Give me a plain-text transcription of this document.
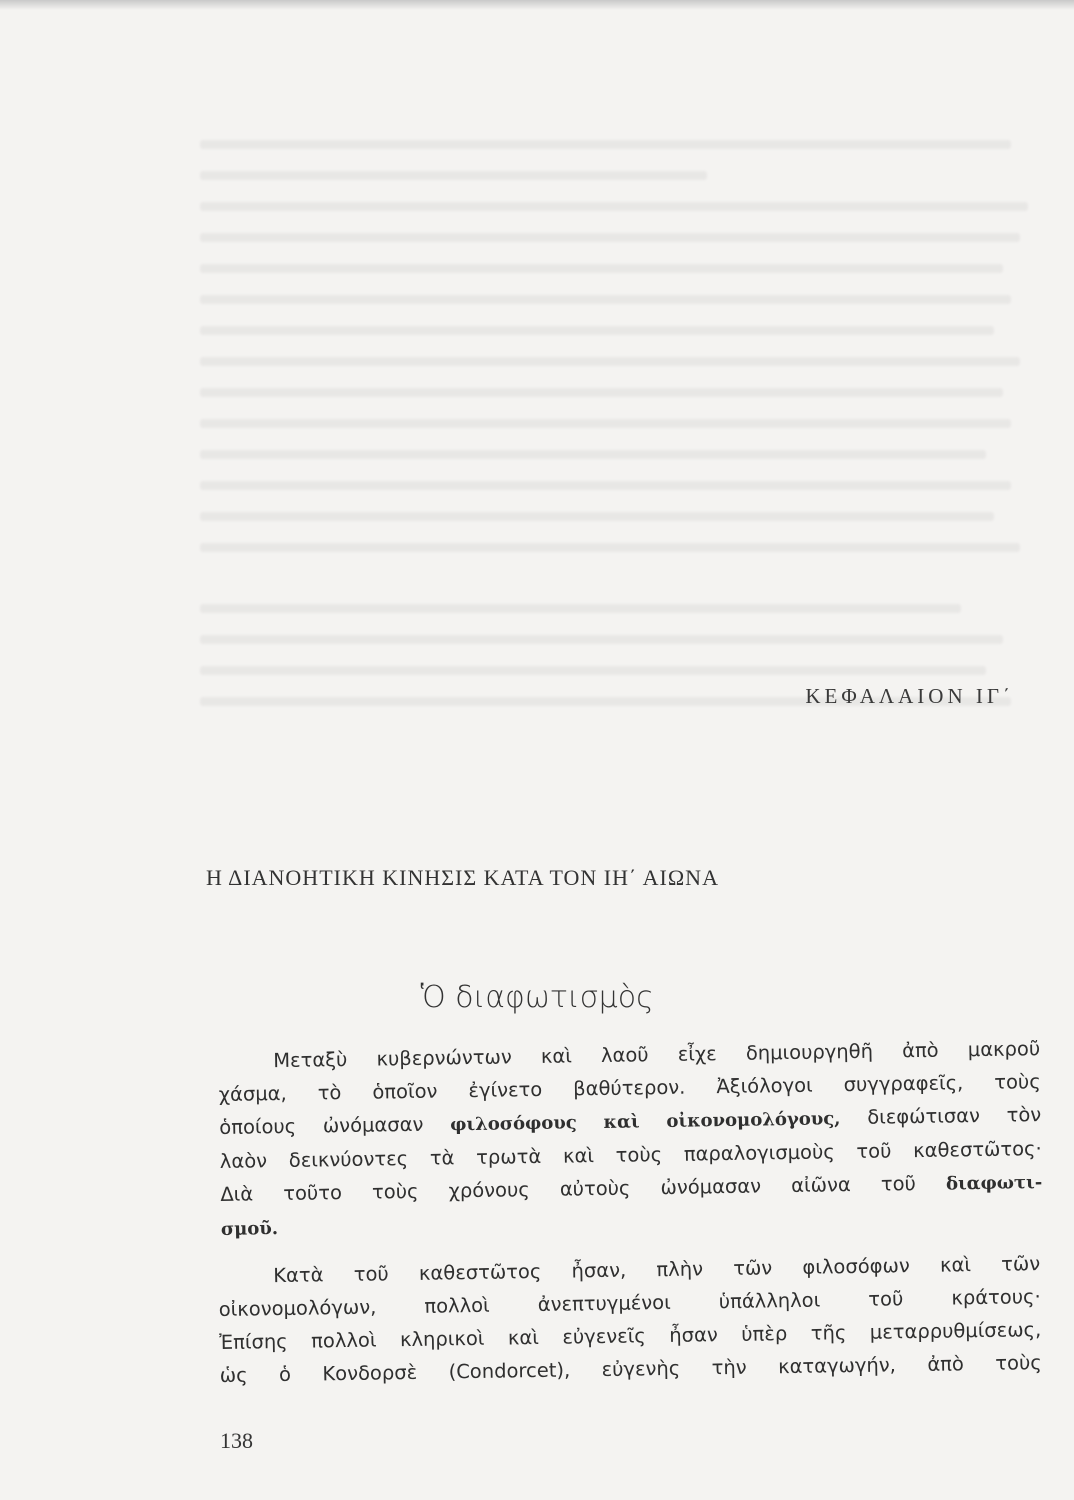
ΚΕΦΑΛΑΙΟΝ ΙΓ΄
Η ΔΙΑΝΟΗΤΙΚΗ ΚΙΝΗΣΙΣ ΚΑΤΑ ΤΟΝ ΙΗ΄ ΑΙΩΝΑ
Ὁ διαφωτισμὸς
Μεταξὺ κυβερνώντων καὶ λαοῦ εἶχε δημιουργηθῆ ἀπὸ μακροῦ
χάσμα, τὸ ὁποῖον ἐγίνετο βαθύτερον. Ἀξιόλογοι συγγραφεῖς, τοὺς
ὁποίους ὠνόμασαν φιλοσόφους καὶ οἰκονομολόγους, διεφώτισαν τὸν
λαὸν δεικνύοντες τὰ τρωτὰ καὶ τοὺς παραλογισμοὺς τοῦ καθεστῶτος·
Διὰ τοῦτο τοὺς χρόνους αὐτοὺς ὠνόμασαν αἰῶνα τοῦ διαφωτι-
σμοῦ.
Κατὰ τοῦ καθεστῶτος ἦσαν, πλὴν τῶν φιλοσόφων καὶ τῶν
οἰκονομολόγων, πολλοὶ ἀνεπτυγμένοι ὑπάλληλοι τοῦ κράτους·
Ἐπίσης πολλοὶ κληρικοὶ καὶ εὐγενεῖς ἦσαν ὑπὲρ τῆς μεταρρυθμίσεως,
ὡς ὁ Κονδορσὲ (Condorcet), εὐγενὴς τὴν καταγωγήν, ἀπὸ τοὺς
138
